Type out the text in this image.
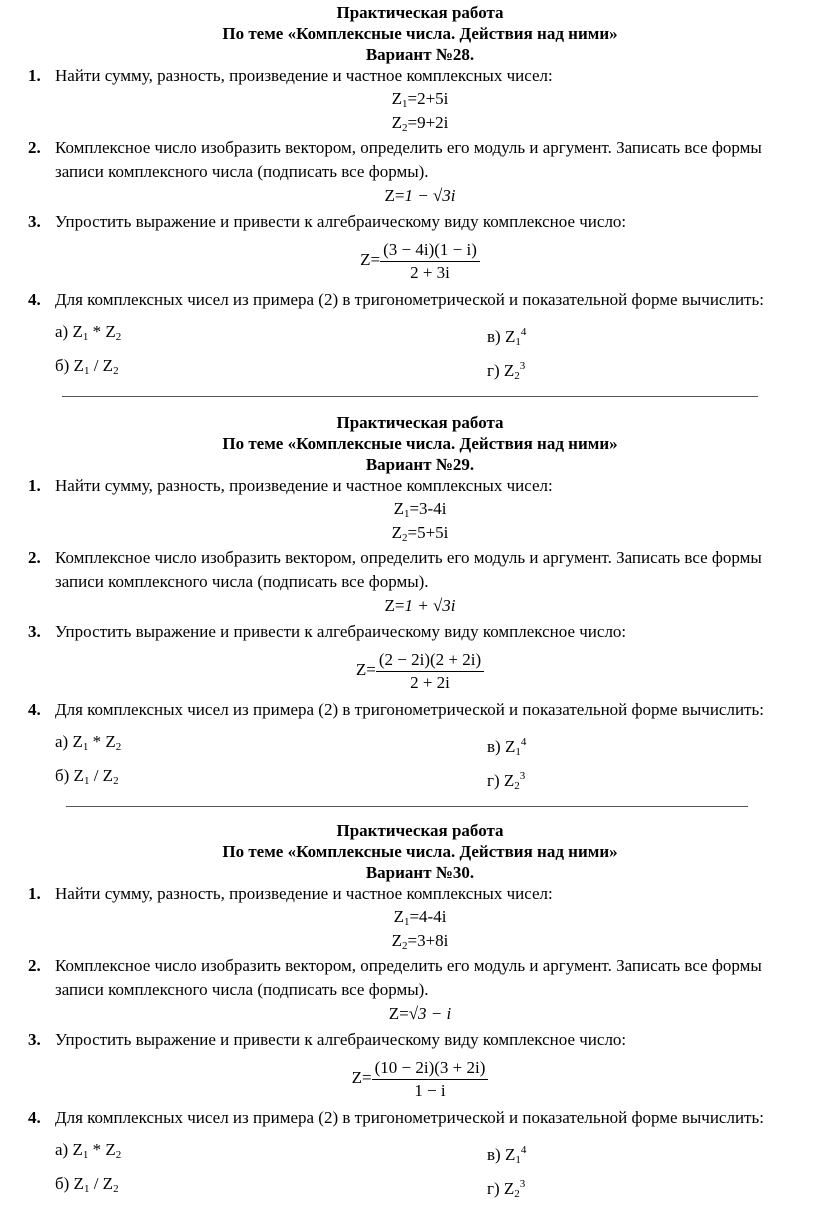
Практическая работа
По теме «Комплексные числа. Действия над ними»
Вариант №28.
1. Найти сумму, разность, произведение и частное комплексных чисел:
$Z_1=2+5i$
$Z_2=9+2i$
2. Комплексное число изобразить вектором, определить его модуль и аргумент. Записать все формы
записи комплексного числа (подписать все формы).
Z=1 − √3i
3. Упростить выражение и привести к алгебраическому виду комплексное число:
$Z= \frac{(3 - 4i)(1 - i)}{2 + 3i}$
4. Для комплексных чисел из примера (2) в тригонометрической и показательной форме вычислить:
а) $Z_1 * Z_2$	в) $Z_1^4$
б) $Z_1 / Z_2$	г) $Z_2^3$
Практическая работа
По теме «Комплексные числа. Действия над ними»
Вариант №29.
1. Найти сумму, разность, произведение и частное комплексных чисел:
$Z_1=3-4i$
$Z_2=5+5i$
2. Комплексное число изобразить вектором, определить его модуль и аргумент. Записать все формы
записи комплексного числа (подписать все формы).
Z=1 + √3i
3. Упростить выражение и привести к алгебраическому виду комплексное число:
$Z= \frac{(2 - 2i)(2 + 2i)}{2 + 2i}$
4. Для комплексных чисел из примера (2) в тригонометрической и показательной форме вычислить:
а) $Z_1 * Z_2$	в) $Z_1^4$
б) $Z_1 / Z_2$	г) $Z_2^3$
Практическая работа
По теме «Комплексные числа. Действия над ними»
Вариант №30.
1. Найти сумму, разность, произведение и частное комплексных чисел:
$Z_1=4-4i$
$Z_2=3+8i$
2. Комплексное число изобразить вектором, определить его модуль и аргумент. Записать все формы
записи комплексного числа (подписать все формы).
Z=√3 − i
3. Упростить выражение и привести к алгебраическому виду комплексное число:
$Z= \frac{(10 - 2i)(3 + 2i)}{1 - i}$
4. Для комплексных чисел из примера (2) в тригонометрической и показательной форме вычислить:
а) $Z_1 * Z_2$	в) $Z_1^4$
б) $Z_1 / Z_2$	г) $Z_2^3$
